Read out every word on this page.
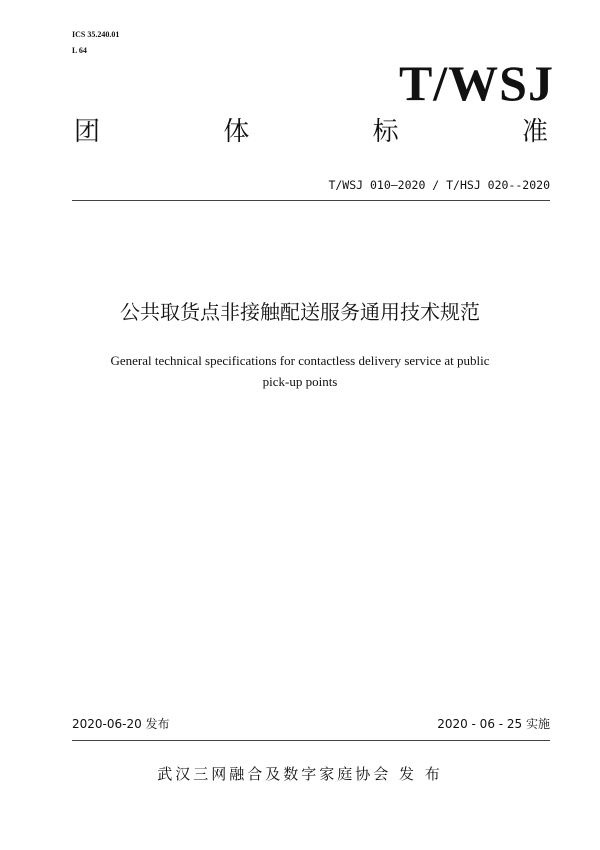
ICS 35.240.01
L 64
T/WSJ
团	体	标	准
T/WSJ 010—2020 / T/HSJ 020--2020
公共取货点非接触配送服务通用技术规范
General technical specifications for contactless delivery service at public
pick-up points
2020-06-20 发布	2020 - 06 - 25 实施
武汉三网融合及数字家庭协会 发 布
